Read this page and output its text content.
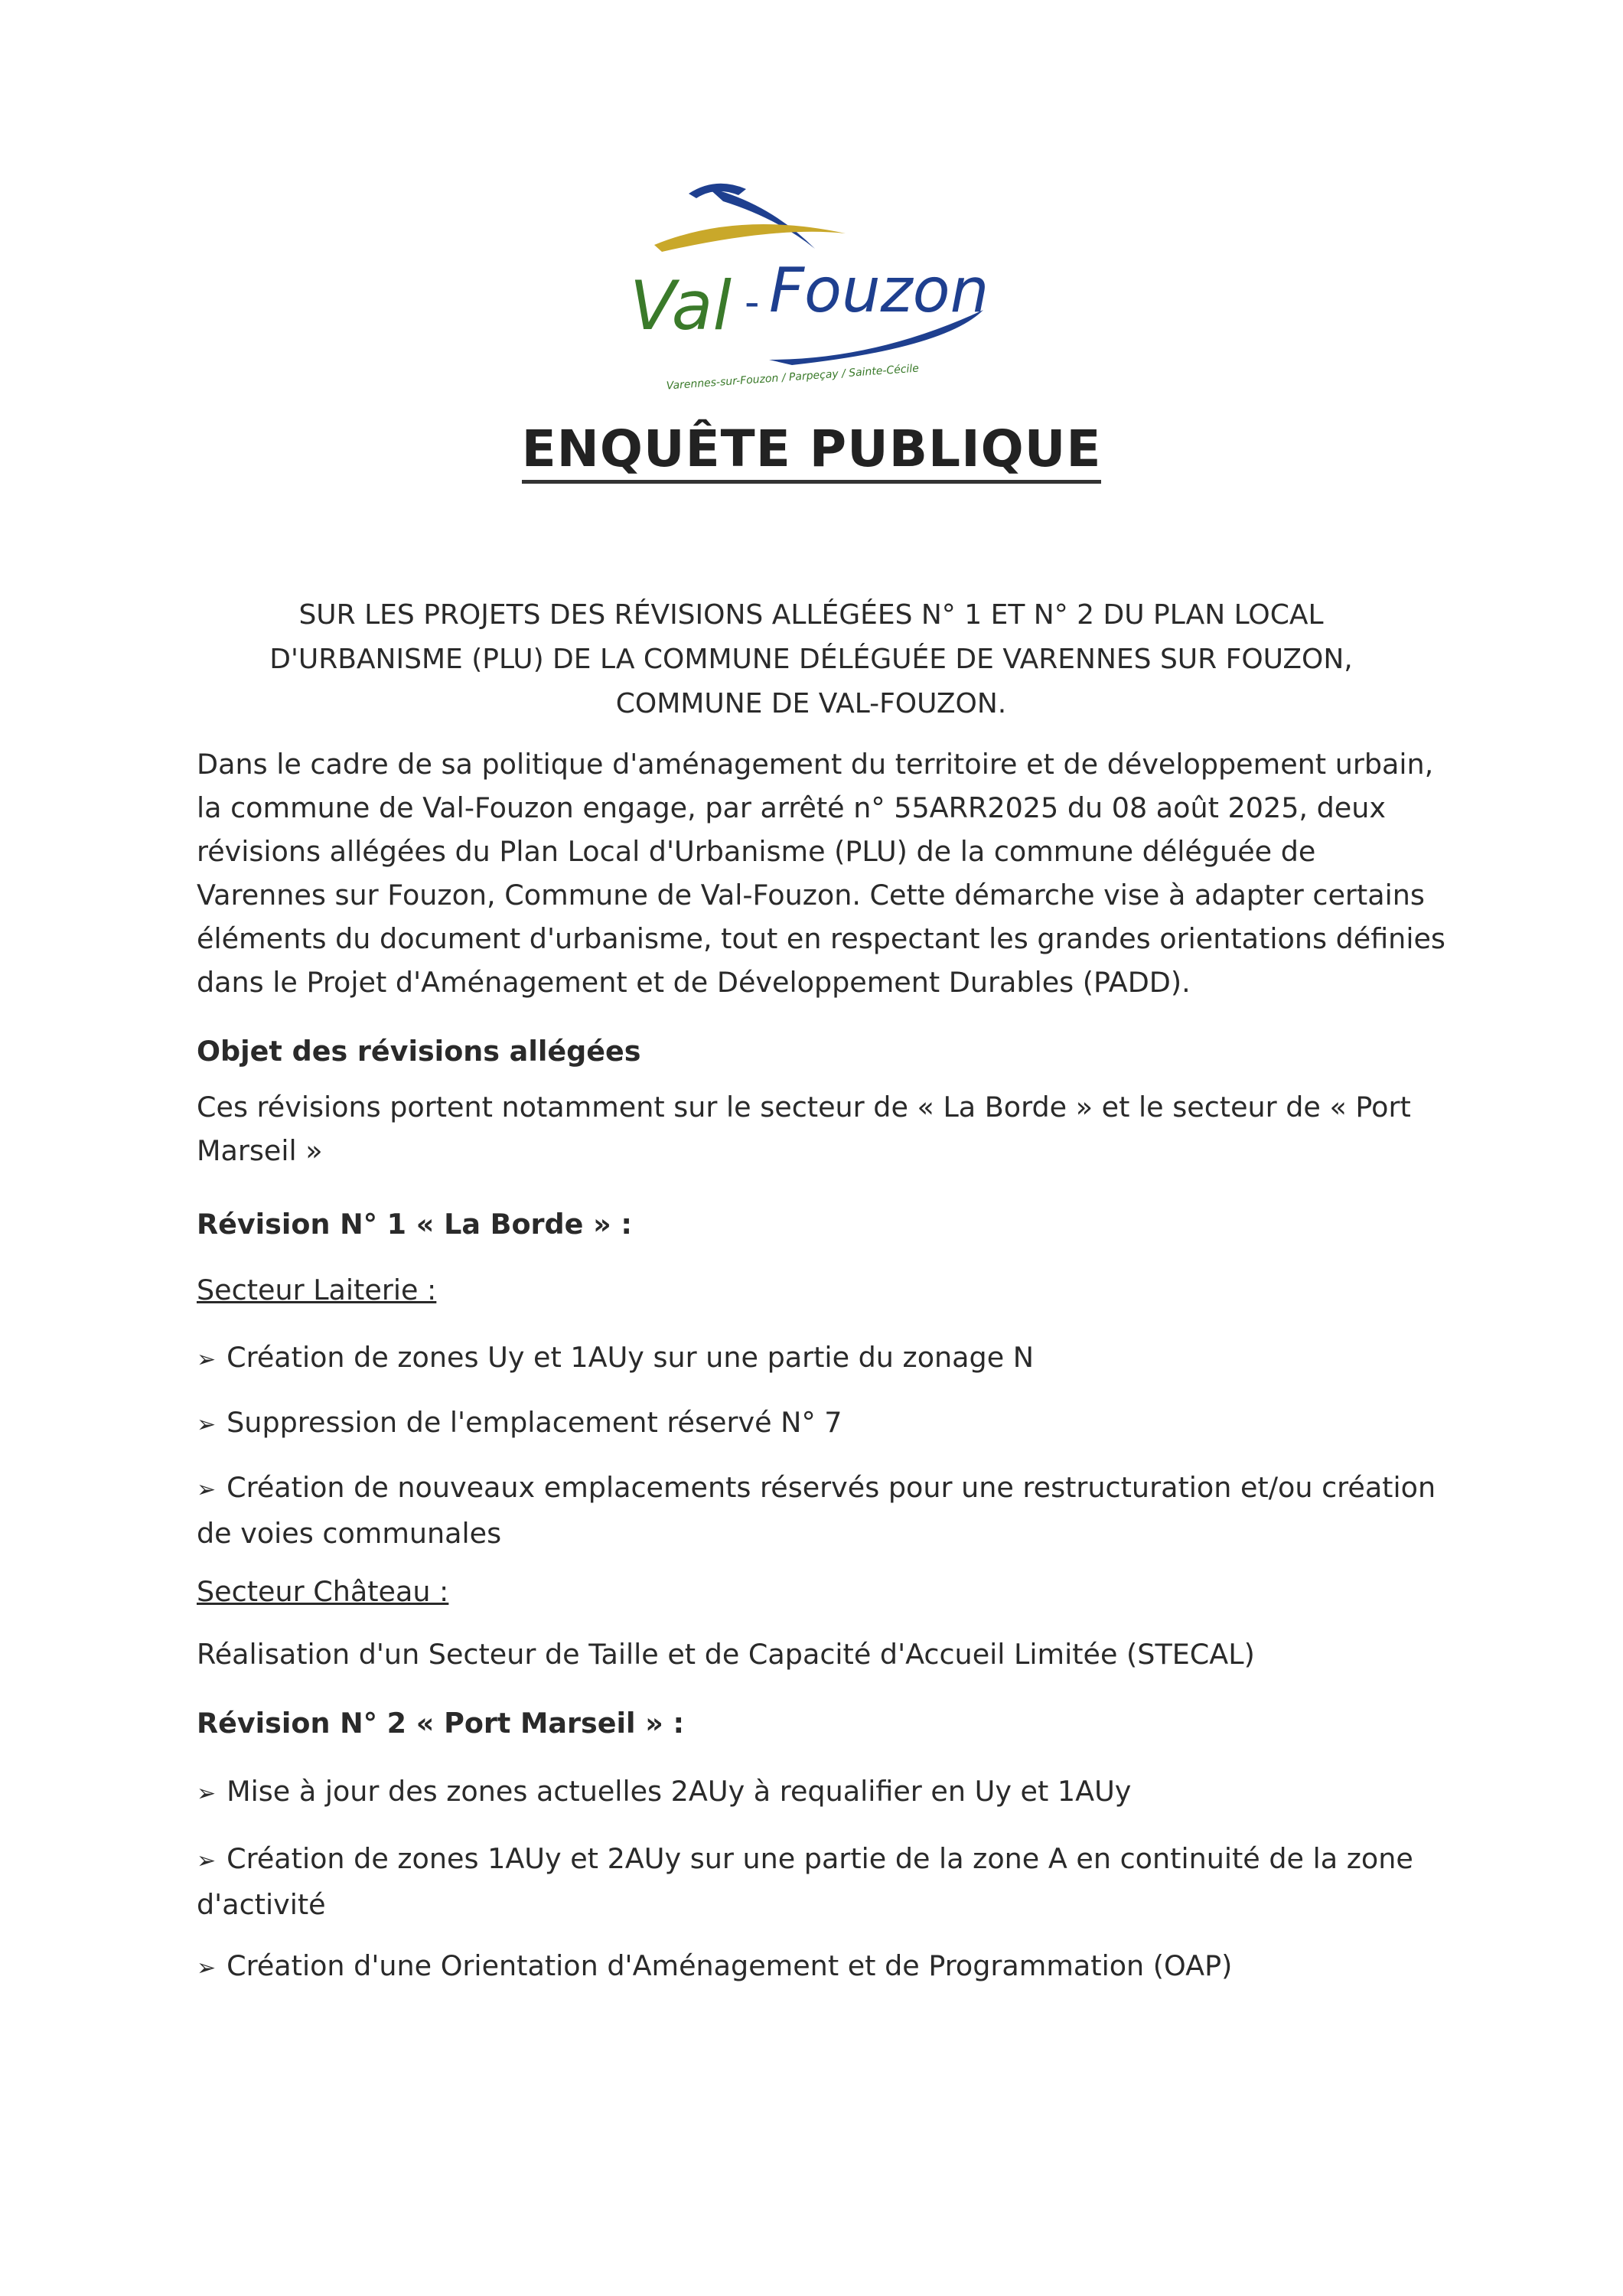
Val - Fouzon
Varennes-sur-Fouzon / Parpeçay / Sainte-Cécile
ENQUÊTE PUBLIQUE
SUR LES PROJETS DES RÉVISIONS ALLÉGÉES N° 1 ET N° 2 DU PLAN LOCAL
D'URBANISME (PLU) DE LA COMMUNE DÉLÉGUÉE DE VARENNES SUR FOUZON,
COMMUNE DE VAL-FOUZON.
Dans le cadre de sa politique d'aménagement du territoire et de développement urbain, la commune de Val-Fouzon engage, par arrêté n° 55ARR2025 du 08 août 2025, deux révisions allégées du Plan Local d'Urbanisme (PLU) de la commune déléguée de Varennes sur Fouzon, Commune de Val-Fouzon. Cette démarche vise à adapter certains éléments du document d'urbanisme, tout en respectant les grandes orientations définies dans le Projet d'Aménagement et de Développement Durables (PADD).
Objet des révisions allégées
Ces révisions portent notamment sur le secteur de « La Borde » et le secteur de « Port Marseil »
Révision N° 1 « La Borde » :
Secteur Laiterie :
➢ Création de zones Uy et 1AUy sur une partie du zonage N
➢ Suppression de l'emplacement réservé N° 7
➢ Création de nouveaux emplacements réservés pour une restructuration et/ou création de voies communales
Secteur Château :
Réalisation d'un Secteur de Taille et de Capacité d'Accueil Limitée (STECAL)
Révision N° 2 « Port Marseil » :
➢ Mise à jour des zones actuelles 2AUy à requalifier en Uy et 1AUy
➢ Création de zones 1AUy et 2AUy sur une partie de la zone A en continuité de la zone d'activité
➢ Création d'une Orientation d'Aménagement et de Programmation (OAP)
